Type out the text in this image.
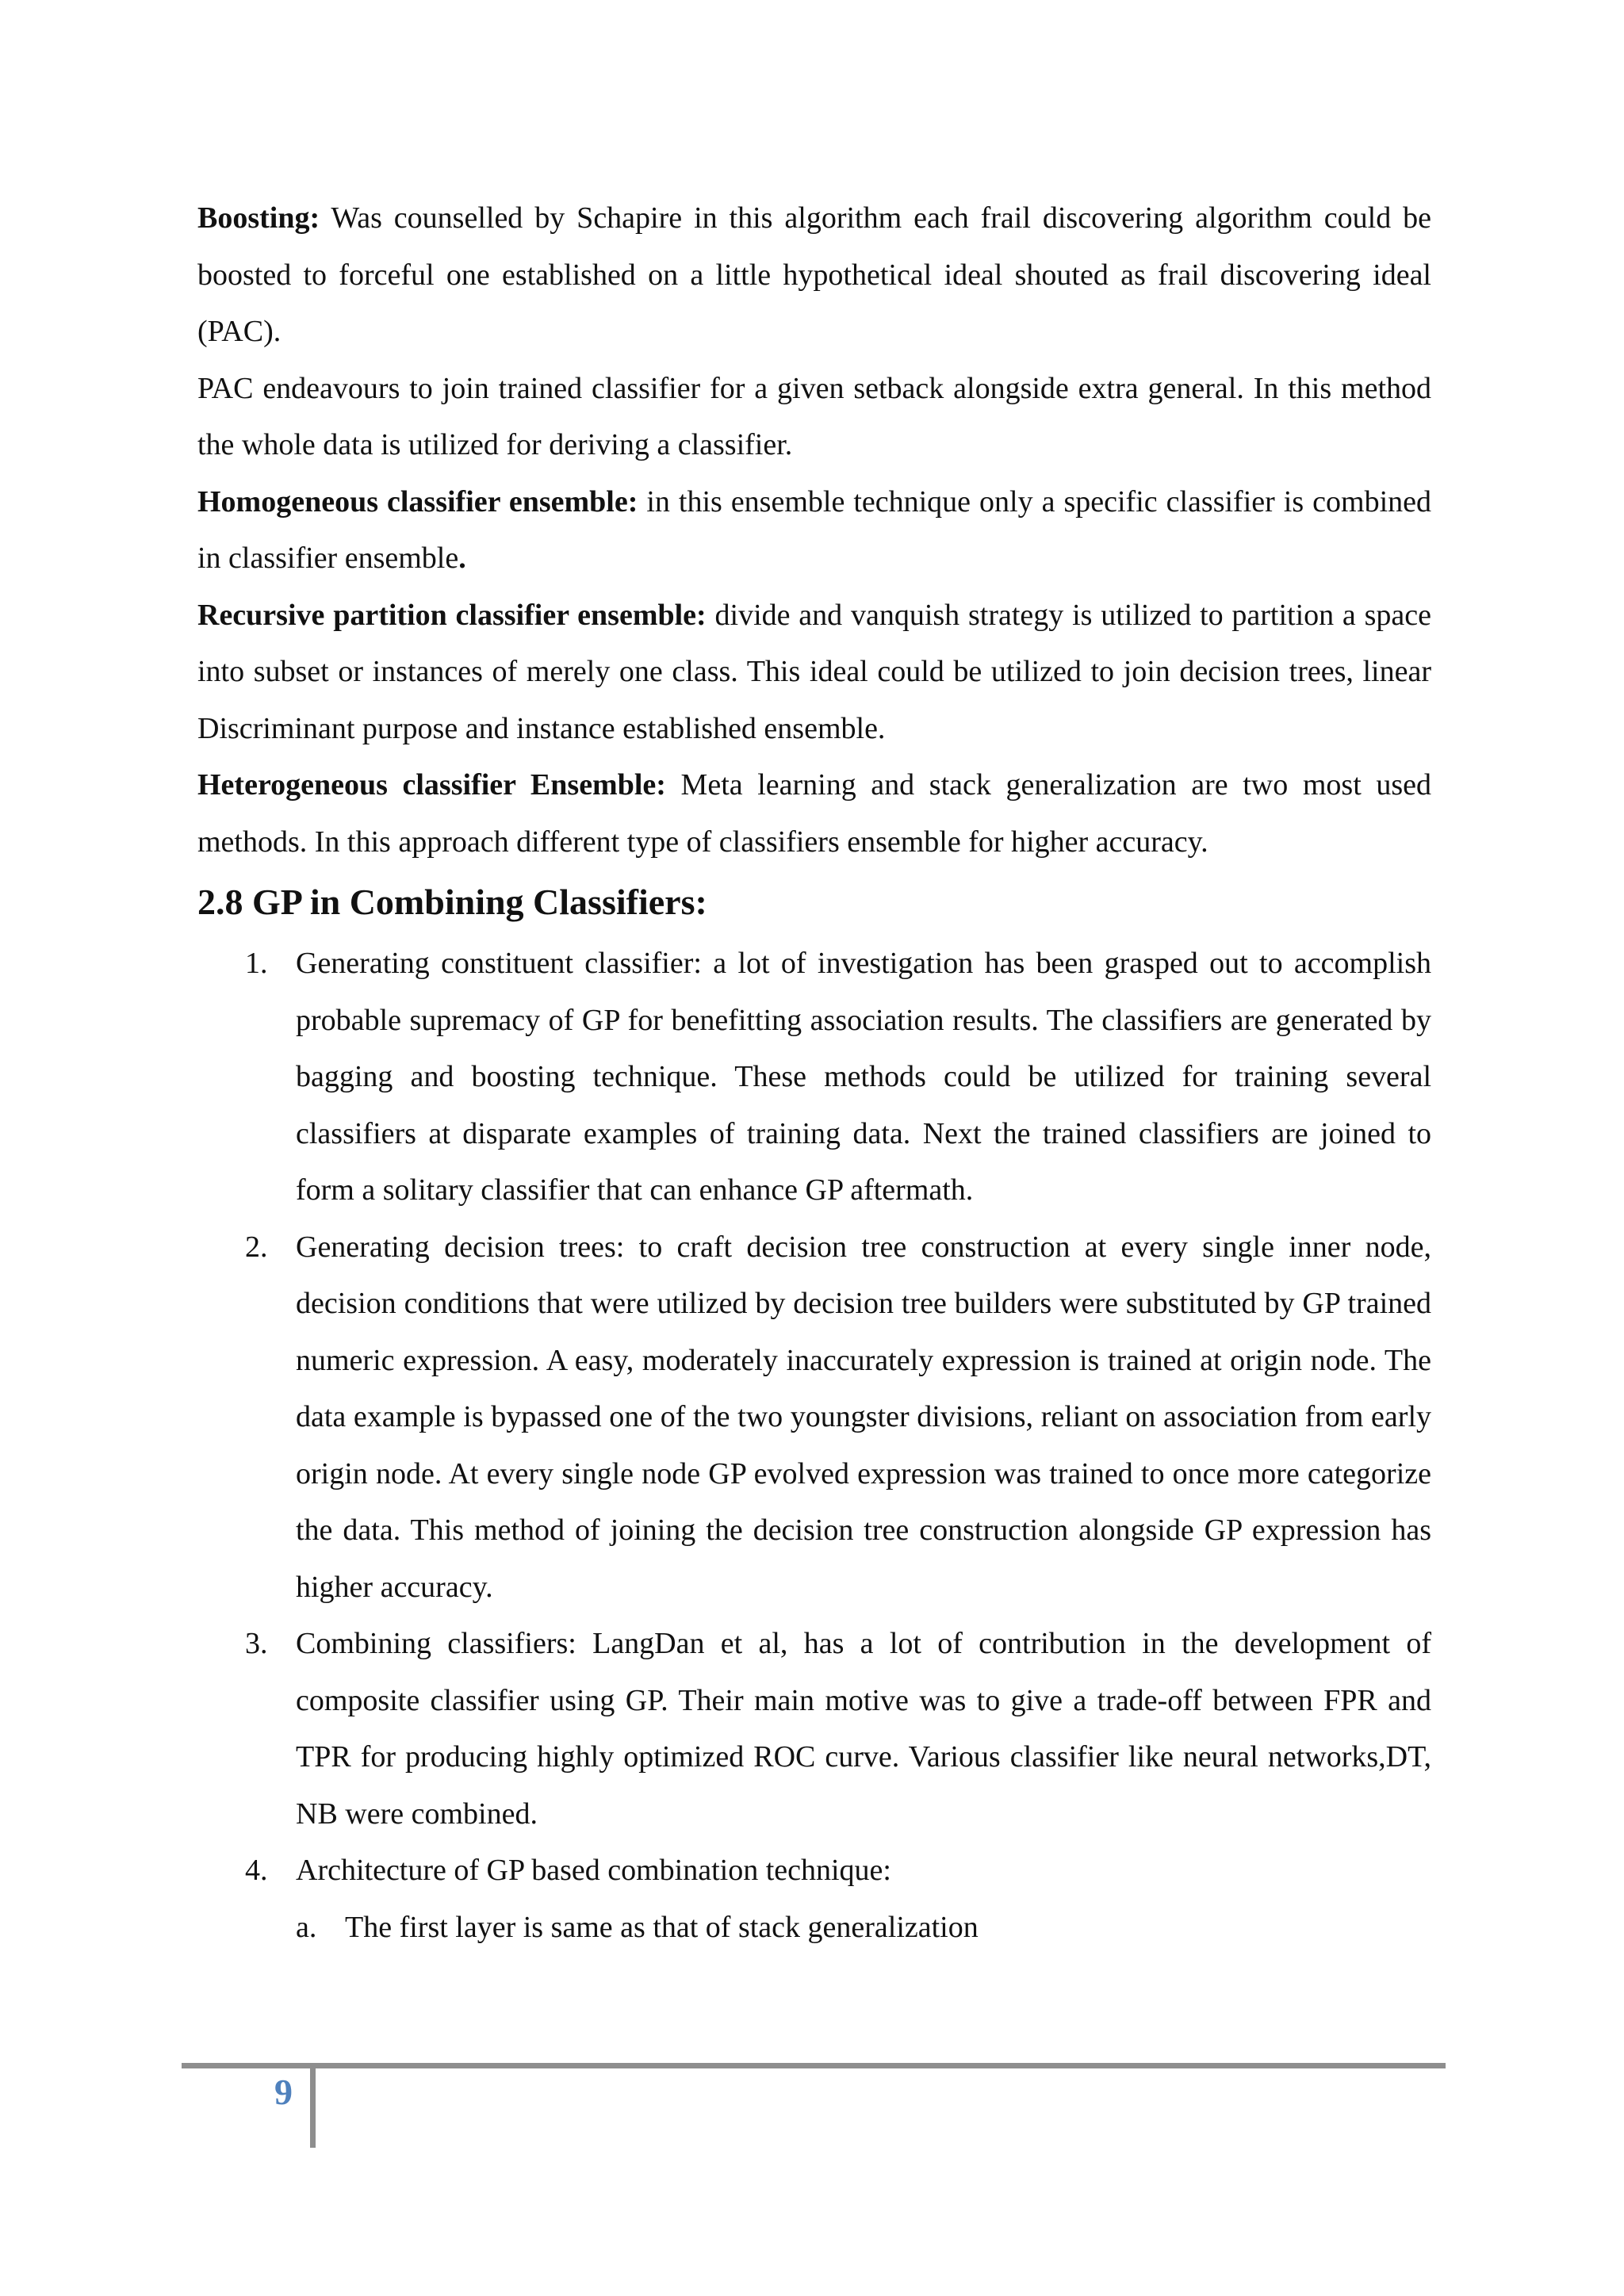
Boosting: Was counselled by Schapire in this algorithm each frail discovering algorithm could be boosted to forceful one established on a little hypothetical ideal shouted as frail discovering ideal (PAC).

PAC endeavours to join trained classifier for a given setback alongside extra general. In this method the whole data is utilized for deriving a classifier.

Homogeneous classifier ensemble: in this ensemble technique only a specific classifier is combined in classifier ensemble.

Recursive partition classifier ensemble: divide and vanquish strategy is utilized to partition a space into subset or instances of merely one class. This ideal could be utilized to join decision trees, linear Discriminant purpose and instance established ensemble.

Heterogeneous classifier Ensemble: Meta learning and stack generalization are two most used methods. In this approach different type of classifiers ensemble for higher accuracy.

2.8 GP in Combining Classifiers:
1. Generating constituent classifier: a lot of investigation has been grasped out to accomplish probable supremacy of GP for benefitting association results. The classifiers are generated by bagging and boosting technique. These methods could be utilized for training several classifiers at disparate examples of training data. Next the trained classifiers are joined to form a solitary classifier that can enhance GP aftermath.
2. Generating decision trees: to craft decision tree construction at every single inner node, decision conditions that were utilized by decision tree builders were substituted by GP trained numeric expression. A easy, moderately inaccurately expression is trained at origin node. The data example is bypassed one of the two youngster divisions, reliant on association from early origin node. At every single node GP evolved expression was trained to once more categorize the data. This method of joining the decision tree construction alongside GP expression has higher accuracy.
3. Combining classifiers: LangDan et al, has a lot of contribution in the development of composite classifier using GP. Their main motive was to give a trade-off between FPR and TPR for producing highly optimized ROC curve. Various classifier like neural networks,DT, NB were combined.
4. Architecture of GP based combination technique:
a. The first layer is same as that of stack generalization
9
